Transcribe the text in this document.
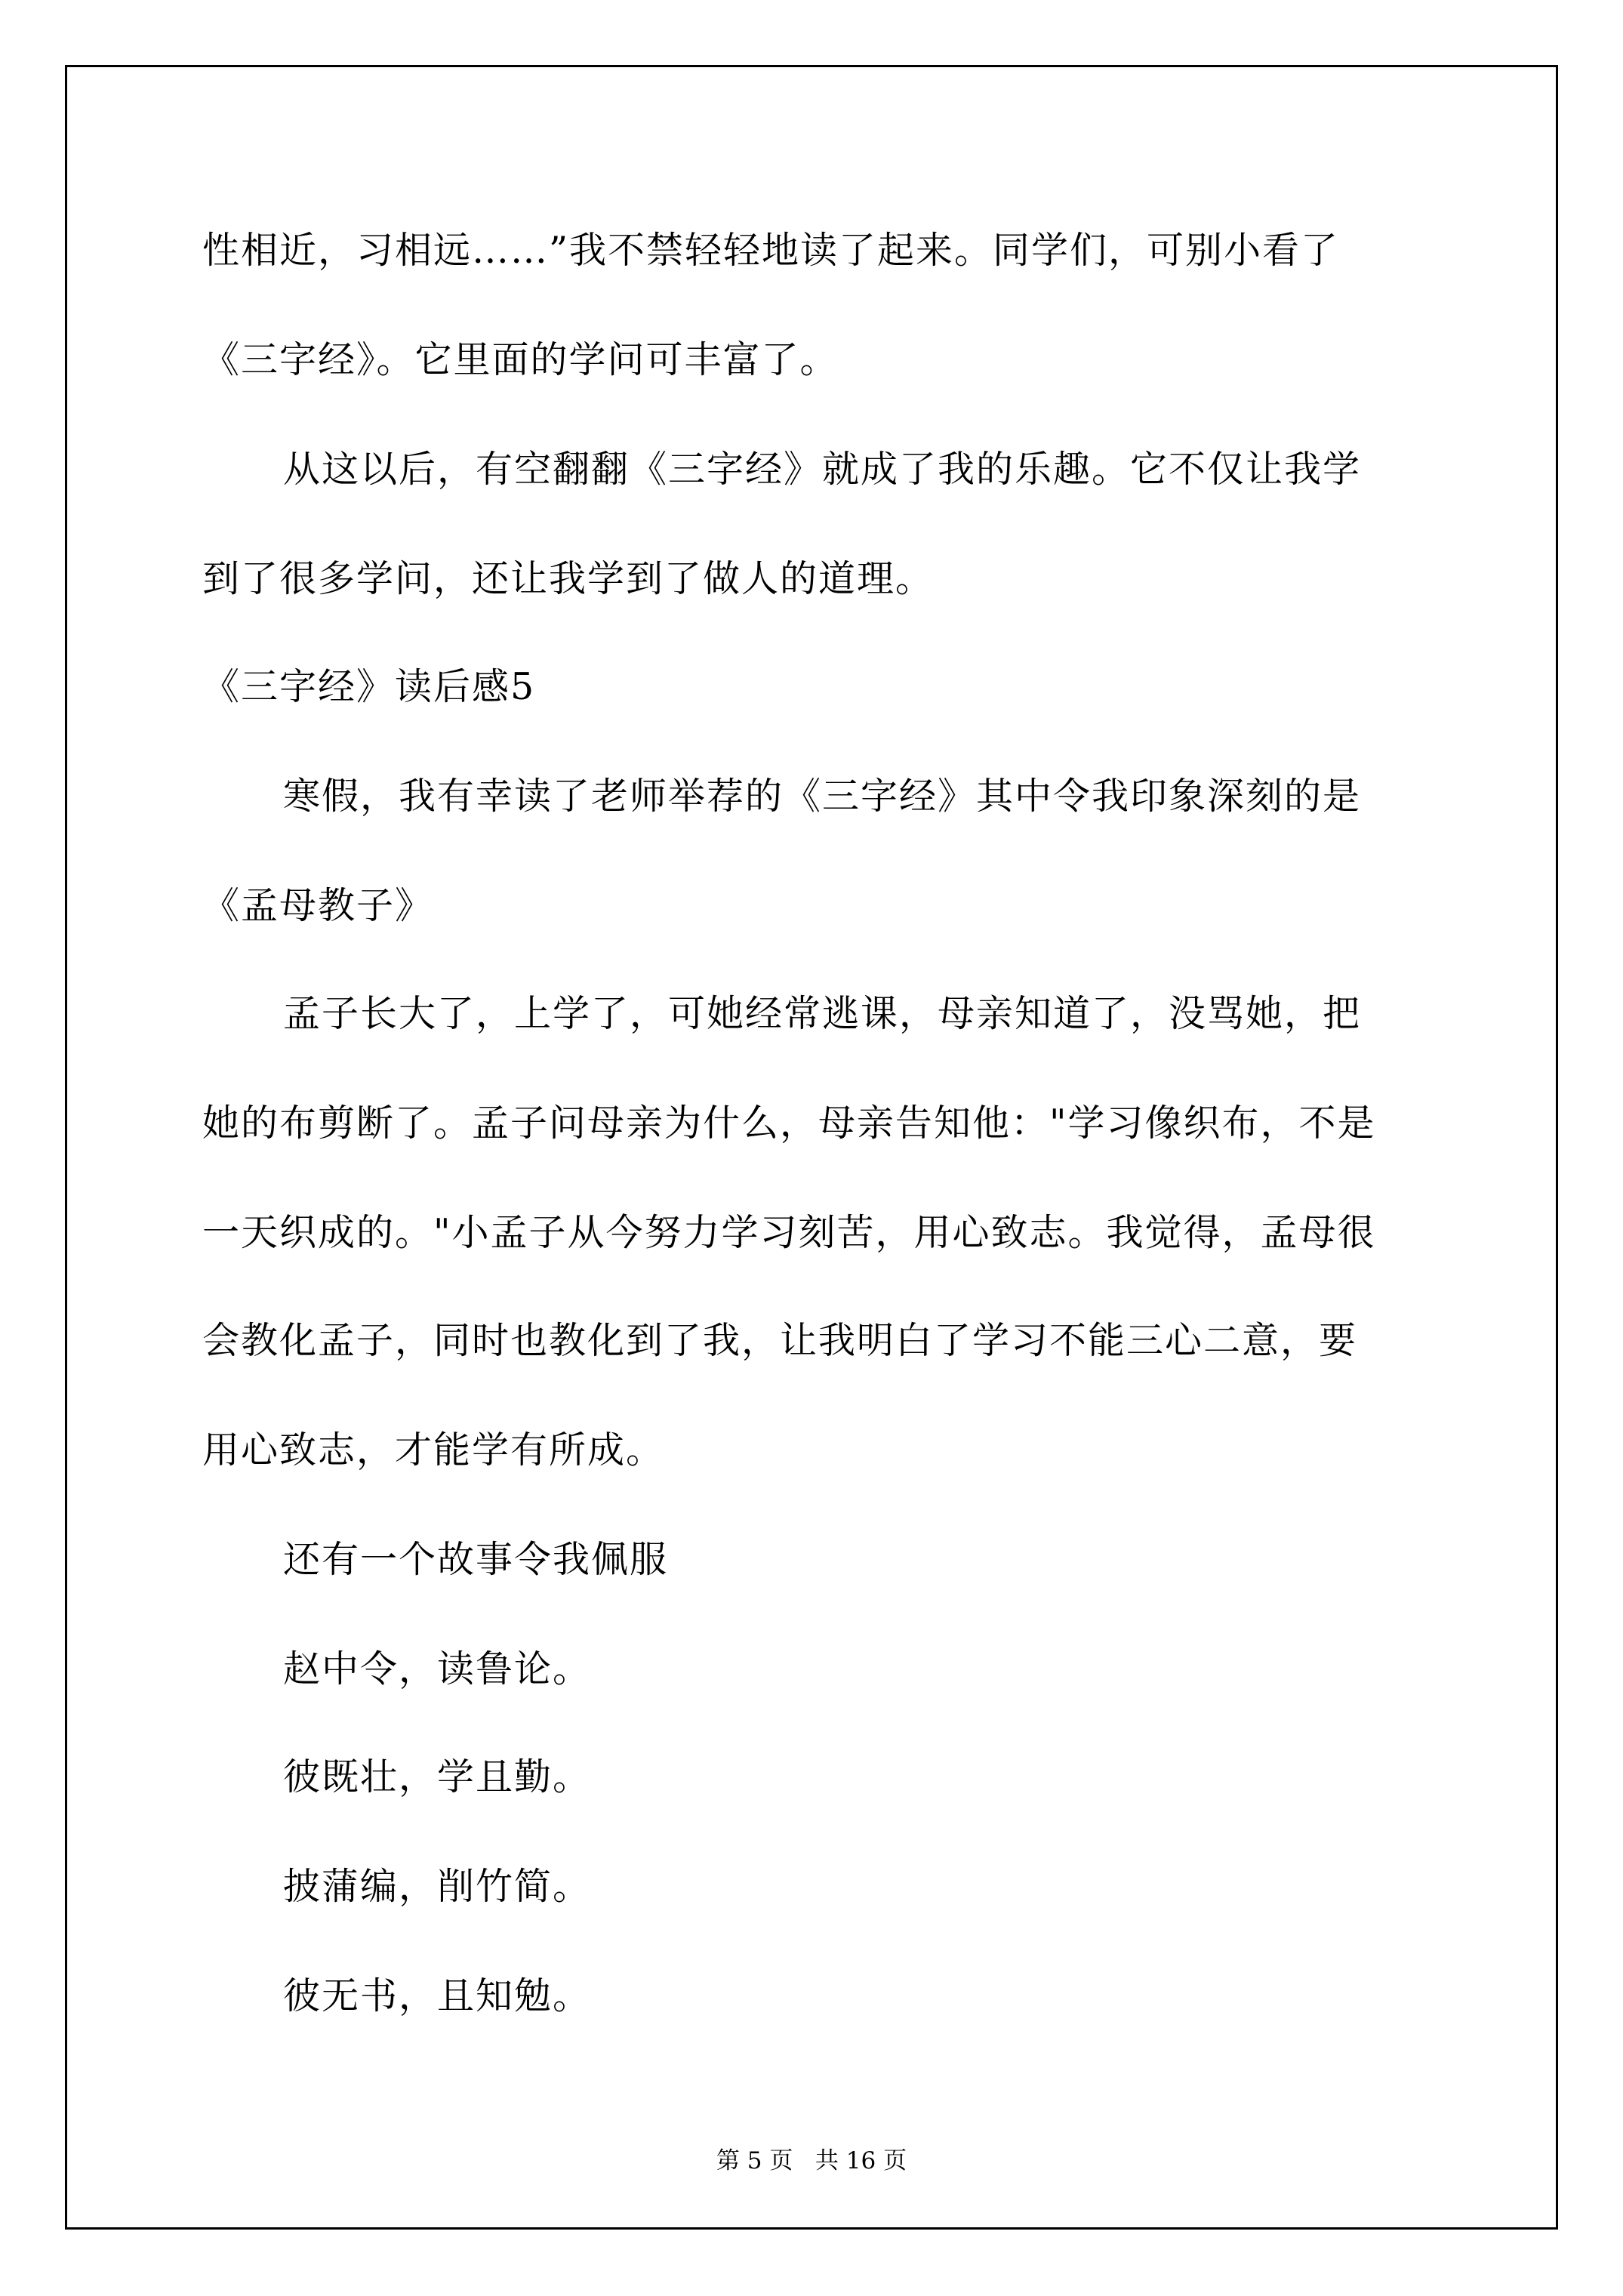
性相近，习相远……”我不禁轻轻地读了起来。同学们，可别小看了
《三字经》。它里面的学问可丰富了。
从这以后，有空翻翻《三字经》就成了我的乐趣。它不仅让我学
到了很多学问，还让我学到了做人的道理。
《三字经》读后感5
寒假，我有幸读了老师举荐的《三字经》其中令我印象深刻的是
《孟母教子》
孟子长大了，上学了，可她经常逃课，母亲知道了，没骂她，把
她的布剪断了。孟子问母亲为什么，母亲告知他："学习像织布，不是
一天织成的。"小孟子从今努力学习刻苦，用心致志。我觉得，孟母很
会教化孟子，同时也教化到了我，让我明白了学习不能三心二意，要
用心致志，才能学有所成。
还有一个故事令我佩服
赵中令，读鲁论。
彼既壮，学且勤。
披蒲编，削竹简。
彼无书，且知勉。
第 5 页   共 16 页
